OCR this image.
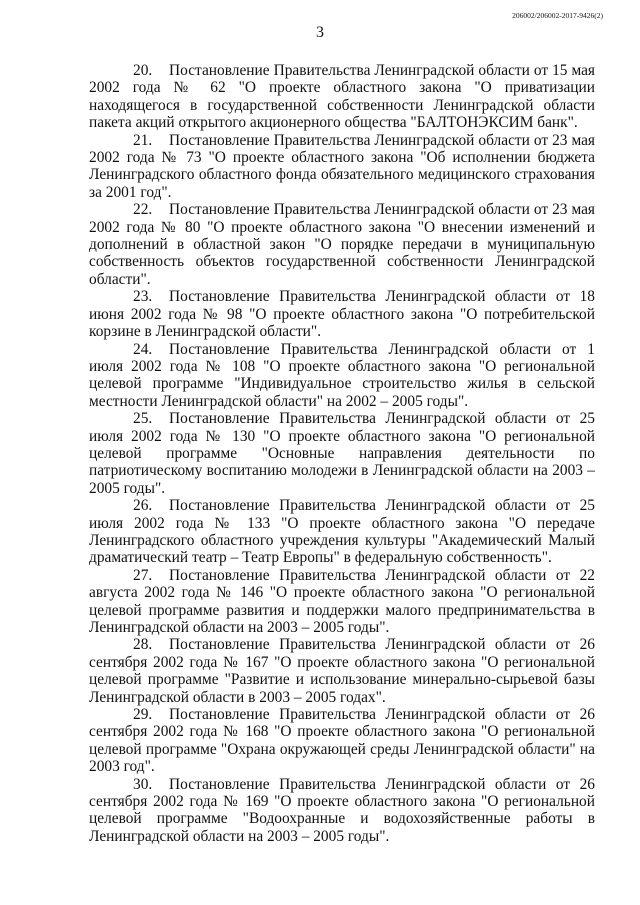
3
206002/206002-2017-9426(2)

20. Постановление Правительства Ленинградской области от 15 мая 2002 года № 62 "О проекте областного закона "О приватизации находящегося в государственной собственности Ленинградской области пакета акций открытого акционерного общества "БАЛТОНЭКСИМ банк".

21. Постановление Правительства Ленинградской области от 23 мая 2002 года № 73 "О проекте областного закона "Об исполнении бюджета Ленинградского областного фонда обязательного медицинского страхования за 2001 год".

22. Постановление Правительства Ленинградской области от 23 мая 2002 года № 80 "О проекте областного закона "О внесении изменений и дополнений в областной закон "О порядке передачи в муниципальную собственность объектов государственной собственности Ленинградской области".

23. Постановление Правительства Ленинградской области от 18 июня 2002 года № 98 "О проекте областного закона "О потребительской корзине в Ленинградской области".

24. Постановление Правительства Ленинградской области от 1 июля 2002 года № 108 "О проекте областного закона "О региональной целевой программе "Индивидуальное строительство жилья в сельской местности Ленинградской области" на 2002 – 2005 годы".

25. Постановление Правительства Ленинградской области от 25 июля 2002 года № 130 "О проекте областного закона "О региональной целевой программе "Основные направления деятельности по патриотическому воспитанию молодежи в Ленинградской области на 2003 – 2005 годы".

26. Постановление Правительства Ленинградской области от 25 июля 2002 года № 133 "О проекте областного закона "О передаче Ленинградского областного учреждения культуры "Академический Малый драматический театр – Театр Европы" в федеральную собственность".

27. Постановление Правительства Ленинградской области от 22 августа 2002 года № 146 "О проекте областного закона "О региональной целевой программе развития и поддержки малого предпринимательства в Ленинградской области на 2003 – 2005 годы".

28. Постановление Правительства Ленинградской области от 26 сентября 2002 года № 167 "О проекте областного закона "О региональной целевой программе "Развитие и использование минерально-сырьевой базы Ленинградской области в 2003 – 2005 годах".

29. Постановление Правительства Ленинградской области от 26 сентября 2002 года № 168 "О проекте областного закона "О региональной целевой программе "Охрана окружающей среды Ленинградской области" на 2003 год".

30. Постановление Правительства Ленинградской области от 26 сентября 2002 года № 169 "О проекте областного закона "О региональной целевой программе "Водоохранные и водохозяйственные работы в Ленинградской области на 2003 – 2005 годы".
